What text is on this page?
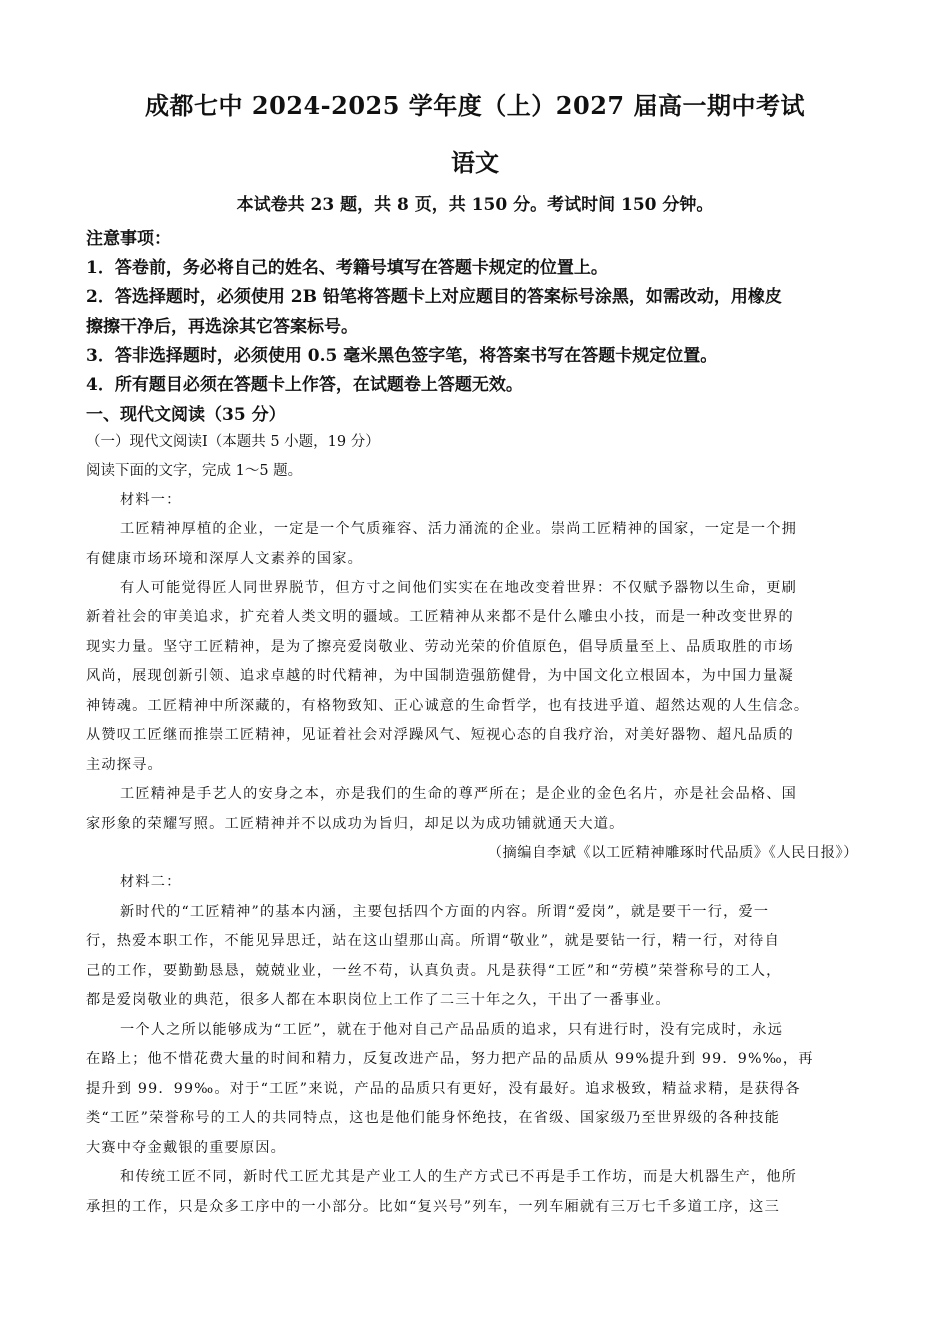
成都七中 2024-2025 学年度（上）2027 届高一期中考试
语文
本试卷共 23 题，共 8 页，共 150 分。考试时间 150 分钟。
注意事项：
1．答卷前，务必将自己的姓名、考籍号填写在答题卡规定的位置上。
2．答选择题时，必须使用 2B 铅笔将答题卡上对应题目的答案标号涂黑，如需改动，用橡皮
擦擦干净后，再选涂其它答案标号。
3．答非选择题时，必须使用 0.5 毫米黑色签字笔，将答案书写在答题卡规定位置。
4．所有题目必须在答题卡上作答，在试题卷上答题无效。
一、现代文阅读（35 分）
（一）现代文阅读Ⅰ（本题共 5 小题，19 分）
阅读下面的文字，完成 1～5 题。
材料一：
工匠精神厚植的企业，一定是一个气质雍容、活力涌流的企业。崇尚工匠精神的国家，一定是一个拥
有健康市场环境和深厚人文素养的国家。
有人可能觉得匠人同世界脱节，但方寸之间他们实实在在地改变着世界：不仅赋予器物以生命，更刷
新着社会的审美追求，扩充着人类文明的疆域。工匠精神从来都不是什么雕虫小技，而是一种改变世界的
现实力量。坚守工匠精神，是为了擦亮爱岗敬业、劳动光荣的价值原色，倡导质量至上、品质取胜的市场
风尚，展现创新引领、追求卓越的时代精神，为中国制造强筋健骨，为中国文化立根固本，为中国力量凝
神铸魂。工匠精神中所深藏的，有格物致知、正心诚意的生命哲学，也有技进乎道、超然达观的人生信念。
从赞叹工匠继而推崇工匠精神，见证着社会对浮躁风气、短视心态的自我疗治，对美好器物、超凡品质的
主动探寻。
工匠精神是手艺人的安身之本，亦是我们的生命的尊严所在；是企业的金色名片，亦是社会品格、国
家形象的荣耀写照。工匠精神并不以成功为旨归，却足以为成功铺就通天大道。
（摘编自李斌《以工匠精神雕琢时代品质》《人民日报》）
材料二：
新时代的“工匠精神”的基本内涵，主要包括四个方面的内容。所谓“爱岗”，就是要干一行，爱一
行，热爱本职工作，不能见异思迁，站在这山望那山高。所谓“敬业”，就是要钻一行，精一行，对待自
己的工作，要勤勤恳恳，兢兢业业，一丝不苟，认真负责。凡是获得“工匠”和“劳模”荣誉称号的工人，
都是爱岗敬业的典范，很多人都在本职岗位上工作了二三十年之久，干出了一番事业。
一个人之所以能够成为“工匠”，就在于他对自己产品品质的追求，只有进行时，没有完成时，永远
在路上；他不惜花费大量的时间和精力，反复改进产品，努力把产品的品质从 99%提升到 99．9%‰，再
提升到 99．99‰。对于“工匠”来说，产品的品质只有更好，没有最好。追求极致，精益求精，是获得各
类“工匠”荣誉称号的工人的共同特点，这也是他们能身怀绝技，在省级、国家级乃至世界级的各种技能
大赛中夺金戴银的重要原因。
和传统工匠不同，新时代工匠尤其是产业工人的生产方式已不再是手工作坊，而是大机器生产，他所
承担的工作，只是众多工序中的一小部分。比如“复兴号”列车，一列车厢就有三万七千多道工序，这三
